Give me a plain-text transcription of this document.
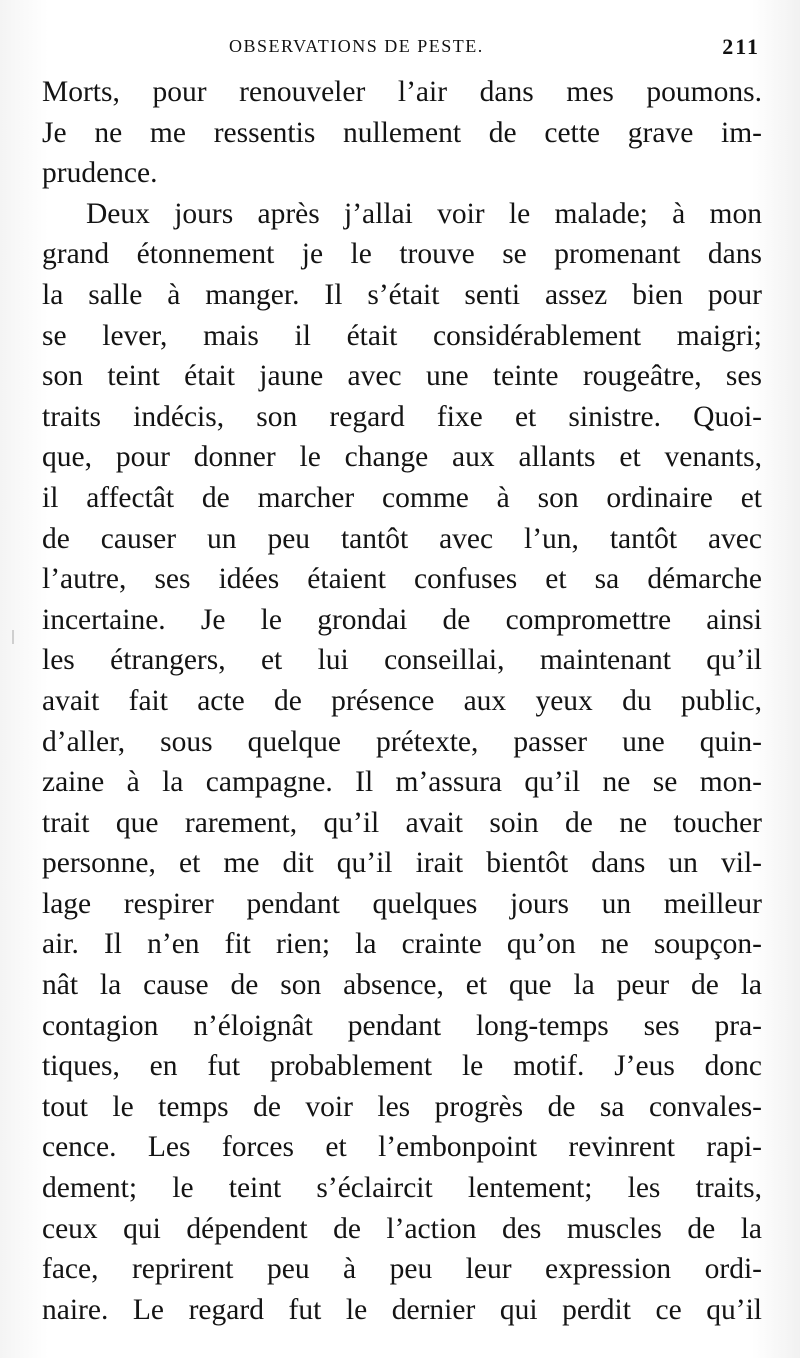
OBSERVATIONS DE PESTE.	211
Morts, pour renouveler l’air dans mes poumons.
Je ne me ressentis nullement de cette grave im-
prudence.
Deux jours après j’allai voir le malade; à mon
grand étonnement je le trouve se promenant dans
la salle à manger. Il s’était senti assez bien pour
se lever, mais il était considérablement maigri;
son teint était jaune avec une teinte rougeâtre, ses
traits indécis, son regard fixe et sinistre. Quoi-
que, pour donner le change aux allants et venants,
il affectât de marcher comme à son ordinaire et
de causer un peu tantôt avec l’un, tantôt avec
l’autre, ses idées étaient confuses et sa démarche
incertaine. Je le grondai de compromettre ainsi
les étrangers, et lui conseillai, maintenant qu’il
avait fait acte de présence aux yeux du public,
d’aller, sous quelque prétexte, passer une quin-
zaine à la campagne. Il m’assura qu’il ne se mon-
trait que rarement, qu’il avait soin de ne toucher
personne, et me dit qu’il irait bientôt dans un vil-
lage respirer pendant quelques jours un meilleur
air. Il n’en fit rien; la crainte qu’on ne soupçon-
nât la cause de son absence, et que la peur de la
contagion n’éloignât pendant long-temps ses pra-
tiques, en fut probablement le motif. J’eus donc
tout le temps de voir les progrès de sa convales-
cence. Les forces et l’embonpoint revinrent rapi-
dement; le teint s’éclaircit lentement; les traits,
ceux qui dépendent de l’action des muscles de la
face, reprirent peu à peu leur expression ordi-
naire. Le regard fut le dernier qui perdit ce qu’il
